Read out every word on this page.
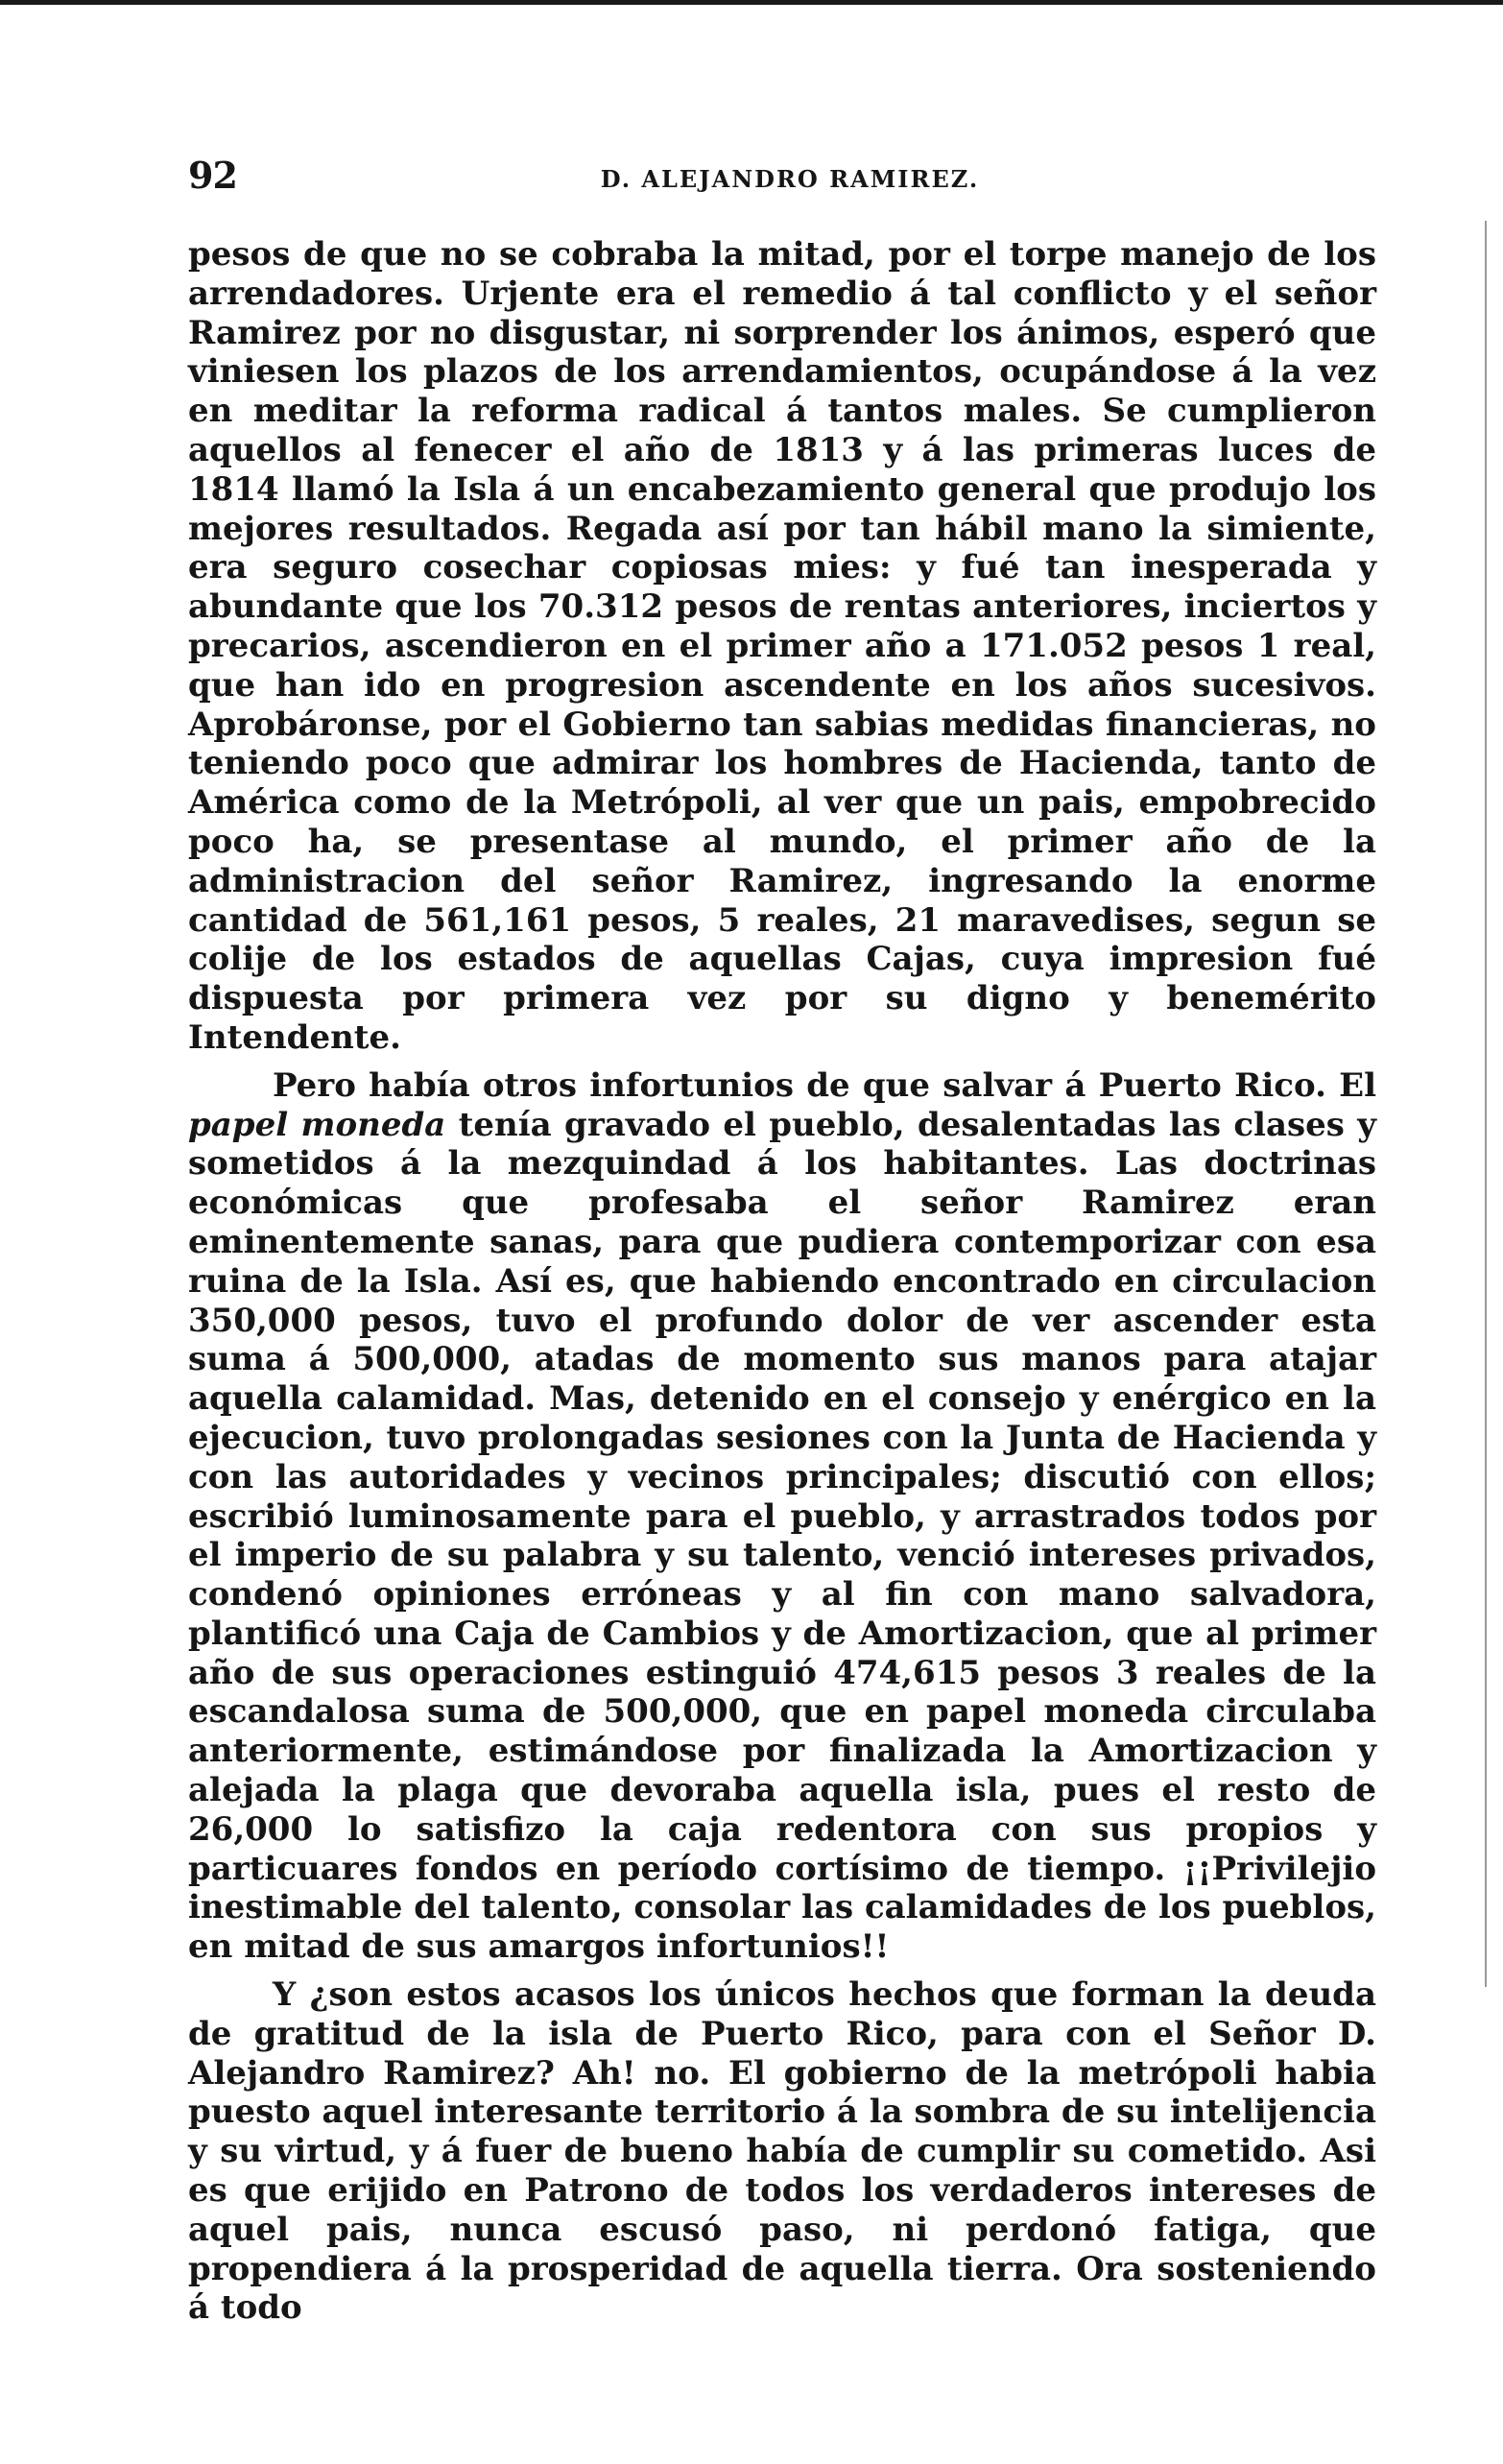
92	D. ALEJANDRO RAMIREZ.

pesos de que no se cobraba la mitad, por el torpe manejo de los arrendadores. Urjente era el remedio á tal conflicto y el señor Ramirez por no disgustar, ni sorprender los ánimos, esperó que viniesen los plazos de los arrendamientos, ocupándose á la vez en meditar la reforma radical á tantos males. Se cumplieron aquellos al fenecer el año de 1813 y á las primeras luces de 1814 llamó la Isla á un encabezamiento general que produjo los mejores resultados. Regada así por tan hábil mano la simiente, era seguro cosechar copiosas mies: y fué tan inesperada y abundante que los 70.312 pesos de rentas anteriores, inciertos y precarios, ascendieron en el primer año a 171.052 pesos 1 real, que han ido en progresion ascendente en los años sucesivos. Aprobáronse, por el Gobierno tan sabias medidas financieras, no teniendo poco que admirar los hombres de Hacienda, tanto de América como de la Metrópoli, al ver que un pais, empobrecido poco ha, se presentase al mundo, el primer año de la administracion del señor Ramirez, ingresando la enorme cantidad de 561,161 pesos, 5 reales, 21 maravedises, segun se colije de los estados de aquellas Cajas, cuya impresion fué dispuesta por primera vez por su digno y benemérito Intendente.

Pero había otros infortunios de que salvar á Puerto Rico. El papel moneda tenía gravado el pueblo, desalentadas las clases y sometidos á la mezquindad á los habitantes. Las doctrinas económicas que profesaba el señor Ramirez eran eminentemente sanas, para que pudiera contemporizar con esa ruina de la Isla. Así es, que habiendo encontrado en circulacion 350,000 pesos, tuvo el profundo dolor de ver ascender esta suma á 500,000, atadas de momento sus manos para atajar aquella calamidad. Mas, detenido en el consejo y enérgico en la ejecucion, tuvo prolongadas sesiones con la Junta de Hacienda y con las autoridades y vecinos principales; discutió con ellos; escribió luminosamente para el pueblo, y arrastrados todos por el imperio de su palabra y su talento, venció intereses privados, condenó opiniones erróneas y al fin con mano salvadora, plantificó una Caja de Cambios y de Amortizacion, que al primer año de sus operaciones estinguió 474,615 pesos 3 reales de la escandalosa suma de 500,000, que en papel moneda circulaba anteriormente, estimándose por finalizada la Amortizacion y alejada la plaga que devoraba aquella isla, pues el resto de 26,000 lo satisfizo la caja redentora con sus propios y particuares fondos en período cortísimo de tiempo. ¡¡Privilejio inestimable del talento, consolar las calamidades de los pueblos, en mitad de sus amargos infortunios!!

Y ¿son estos acasos los únicos hechos que forman la deuda de gratitud de la isla de Puerto Rico, para con el Señor D. Alejandro Ramirez? Ah! no. El gobierno de la metrópoli habia puesto aquel interesante territorio á la sombra de su intelijencia y su virtud, y á fuer de bueno había de cumplir su cometido. Asi es que erijido en Patrono de todos los verdaderos intereses de aquel pais, nunca escusó paso, ni perdonó fatiga, que propendiera á la prosperidad de aquella tierra. Ora sosteniendo á todo
